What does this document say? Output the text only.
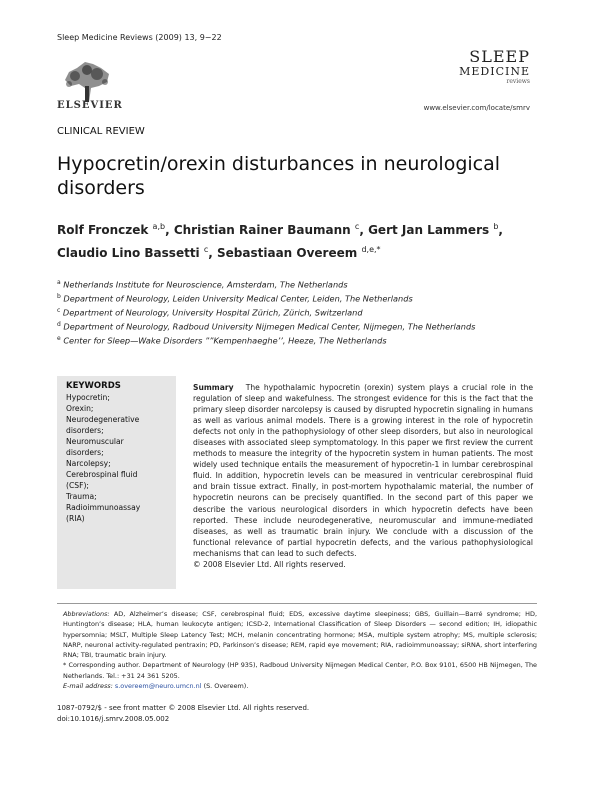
Sleep Medicine Reviews (2009) 13, 9−22
ELSEVIER
SLEEP
MEDICINE
reviews
www.elsevier.com/locate/smrv
CLINICAL REVIEW
Hypocretin/orexin disturbances in neurological disorders
Rolf Fronczek $^{a,b}$, Christian Rainer Baumann $^c$, Gert Jan Lammers $^b$,
Claudio Lino Bassetti $^c$, Sebastiaan Overeem $^{d,e,*}$
$^a$ Netherlands Institute for Neuroscience, Amsterdam, The Netherlands
$^b$ Department of Neurology, Leiden University Medical Center, Leiden, The Netherlands
$^c$ Department of Neurology, University Hospital Zürich, Zürich, Switzerland
$^d$ Department of Neurology, Radboud University Nijmegen Medical Center, Nijmegen, The Netherlands
$^e$ Center for Sleep—Wake Disorders ””Kempenhaeghe’’, Heeze, The Netherlands
KEYWORDS
Hypocretin;
Orexin;
Neurodegenerative
disorders;
Neuromuscular
disorders;
Narcolepsy;
Cerebrospinal fluid
(CSF);
Trauma;
Radioimmunoassay
(RIA)
Summary The hypothalamic hypocretin (orexin) system plays a crucial role in the regulation of sleep and wakefulness. The strongest evidence for this is the fact that the primary sleep disorder narcolepsy is caused by disrupted hypocretin signaling in humans as well as various animal models. There is a growing interest in the role of hypocretin defects not only in the pathophysiology of other sleep disorders, but also in neurological diseases with associated sleep symptomatology. In this paper we first review the current methods to measure the integrity of the hypocretin system in human patients. The most widely used technique entails the measurement of hypocretin-1 in lumbar cerebrospinal fluid. In addition, hypocretin levels can be measured in ventricular cerebrospinal fluid and brain tissue extract. Finally, in post-mortem hypothalamic material, the number of hypocretin neurons can be precisely quantified. In the second part of this paper we describe the various neurological disorders in which hypocretin defects have been reported. These include neurodegenerative, neuromuscular and immune-mediated diseases, as well as traumatic brain injury. We conclude with a discussion of the functional relevance of partial hypocretin defects, and the various pathophysiological mechanisms that can lead to such defects.
© 2008 Elsevier Ltd. All rights reserved.
Abbreviations: AD, Alzheimer’s disease; CSF, cerebrospinal fluid; EDS, excessive daytime sleepiness; GBS, Guillain—Barré syndrome; HD, Huntington’s disease; HLA, human leukocyte antigen; ICSD-2, International Classification of Sleep Disorders — second edition; IH, idiopathic hypersomnia; MSLT, Multiple Sleep Latency Test; MCH, melanin concentrating hormone; MSA, multiple system atrophy; MS, multiple sclerosis; NARP, neuronal activity-regulated pentraxin; PD, Parkinson’s disease; REM, rapid eye movement; RIA, radioimmunoassay; siRNA, short interfering RNA; TBI, traumatic brain injury.
* Corresponding author. Department of Neurology (HP 935), Radboud University Nijmegen Medical Center, P.O. Box 9101, 6500 HB Nijmegen, The Netherlands. Tel.: +31 24 361 5205.
E-mail address: s.overeem@neuro.umcn.nl (S. Overeem).
1087-0792/$ - see front matter © 2008 Elsevier Ltd. All rights reserved.
doi:10.1016/j.smrv.2008.05.002
